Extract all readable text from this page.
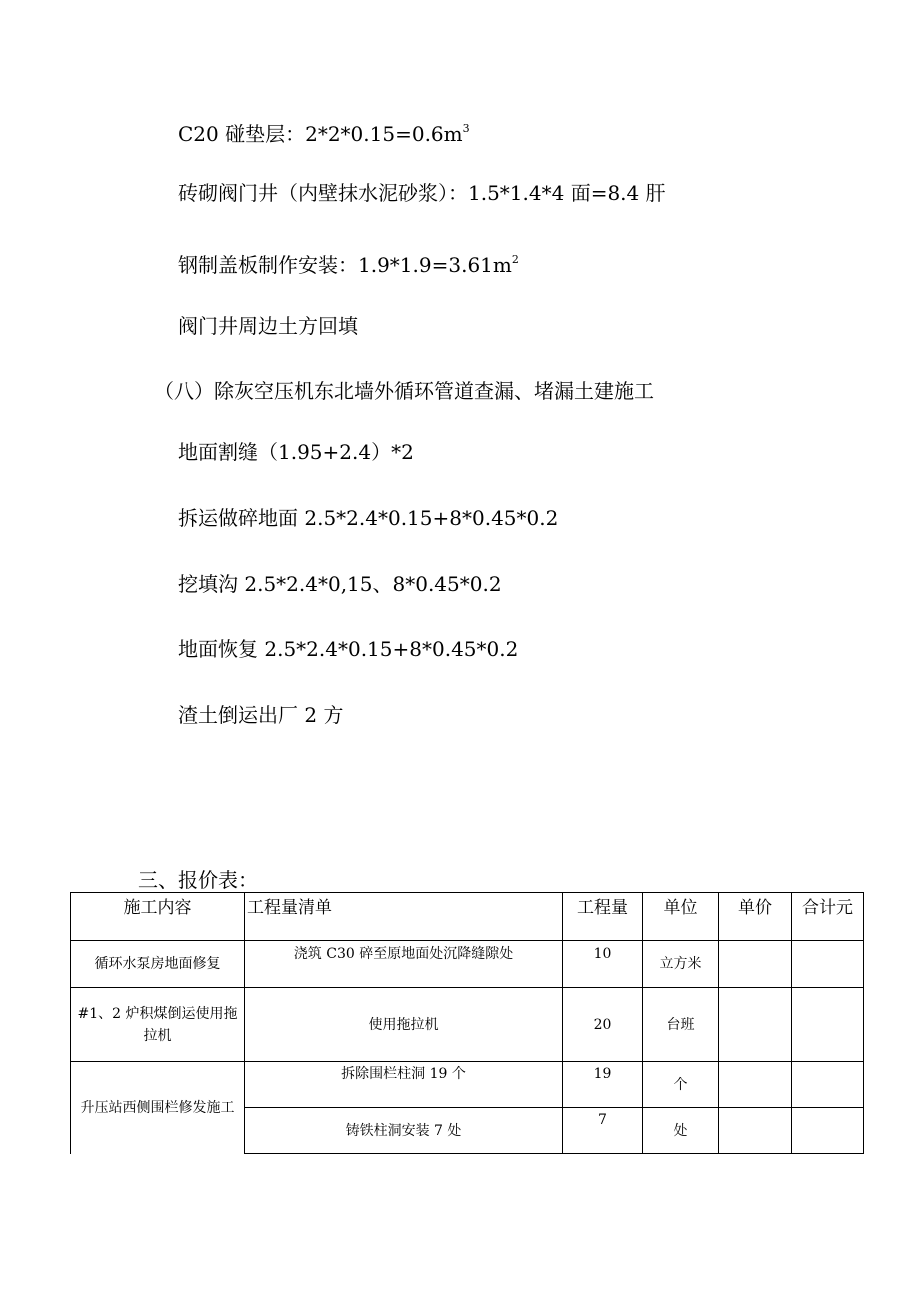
C20 碰垫层：$2*2*0.15=0.6m^3$
砖砌阀门井（内壁抹水泥砂浆）：1.5*1.4*4 面=8.4 肝
钢制盖板制作安装：$1.9*1.9=3.61m^2$
阀门井周边土方回填
（八）除灰空压机东北墙外循环管道查漏、堵漏土建施工
地面割缝（1.95+2.4）*2
拆运做碎地面 2.5*2.4*0.15+8*0.45*0.2
挖填沟 2.5*2.4*0,15、8*0.45*0.2
地面恢复 2.5*2.4*0.15+8*0.45*0.2
渣土倒运出厂 2 方
三、报价表：
施工内容	工程量清单	工程量	单位	单价	合计元
循环水泵房地面修复	浇筑 C30 碎至原地面处沉降缝隙处	10	立方米		
#1、2 炉积煤倒运使用拖拉机	使用拖拉机	20	台班		
升压站西侧围栏修发施工	拆除围栏柱洞 19 个	19	个		
	铸铁柱洞安装 7 处	7	处		
